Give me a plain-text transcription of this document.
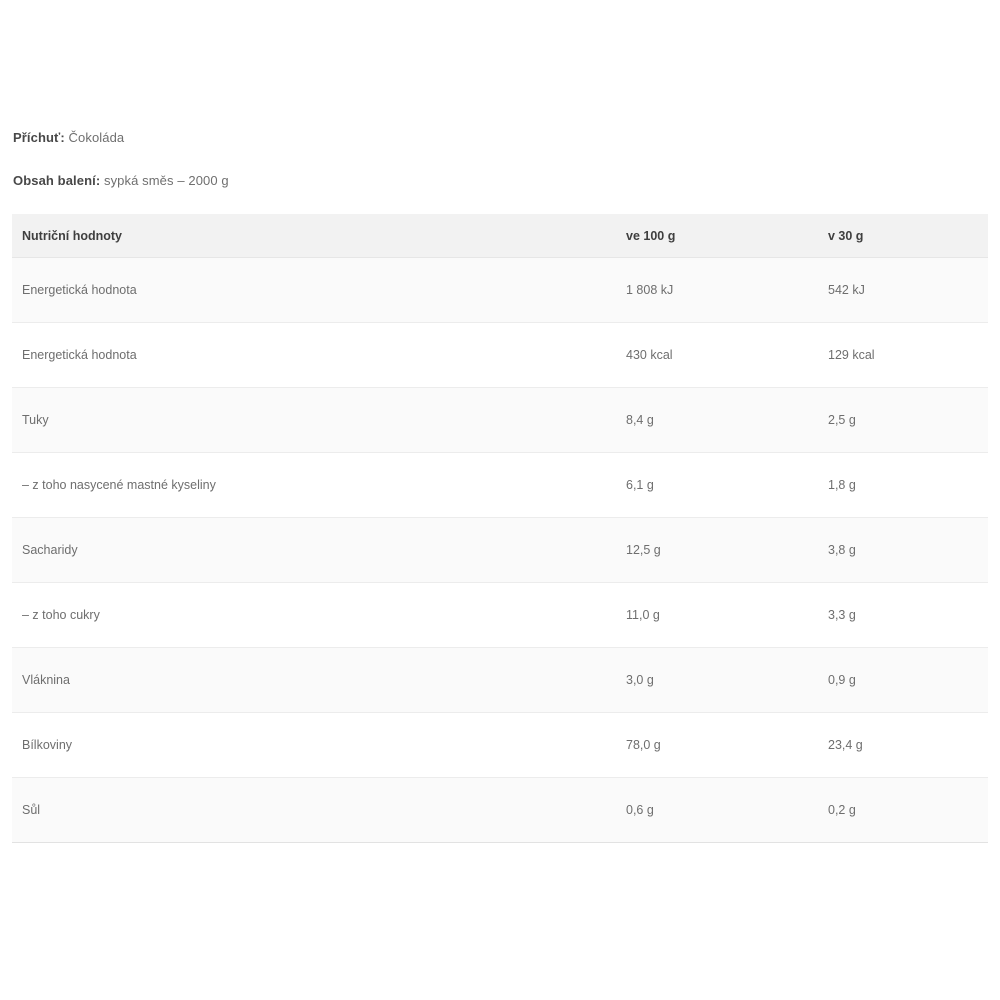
Příchuť: Čokoláda

Obsah balení: sypká směs – 2000 g

Nutriční hodnoty	ve 100 g	v 30 g
Energetická hodnota	1 808 kJ	542 kJ
Energetická hodnota	430 kcal	129 kcal
Tuky	8,4 g	2,5 g
– z toho nasycené mastné kyseliny	6,1 g	1,8 g
Sacharidy	12,5 g	3,8 g
– z toho cukry	11,0 g	3,3 g
Vláknina	3,0 g	0,9 g
Bílkoviny	78,0 g	23,4 g
Sůl	0,6 g	0,2 g
